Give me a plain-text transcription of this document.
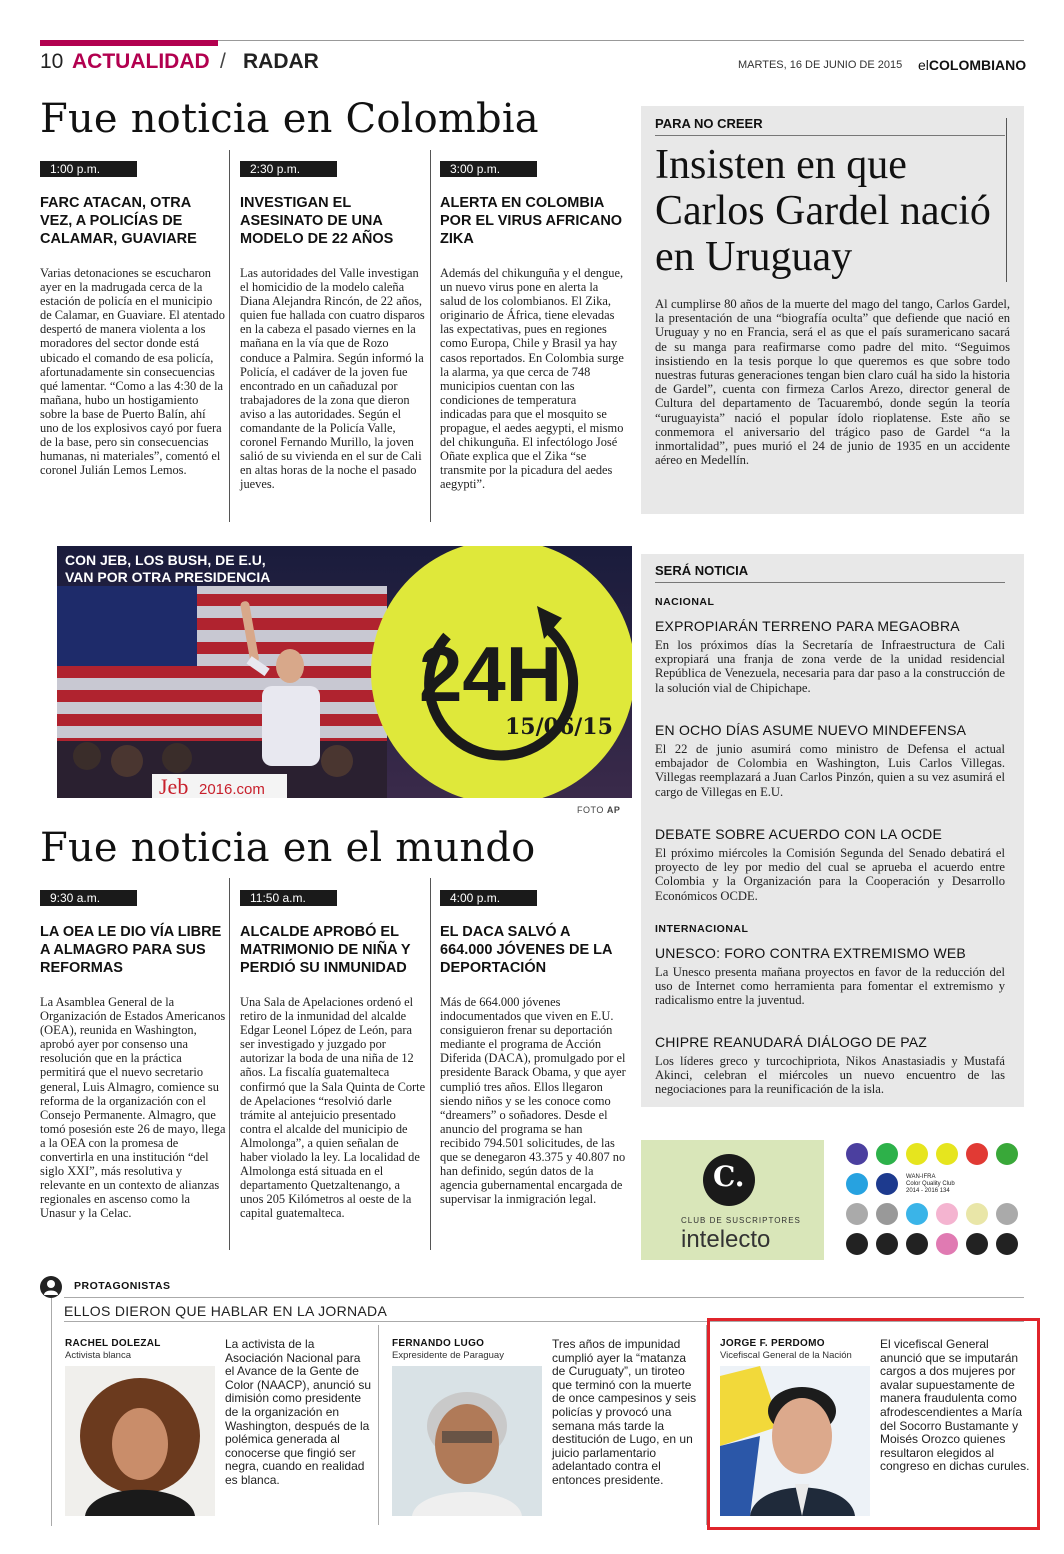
10 ACTUALIDAD / RADAR	MARTES, 16 DE JUNIO DE 2015 elCOLOMBIANO
Fue noticia en Colombia
1:00 p.m.
FARC ATACAN, OTRA VEZ, A POLICÍAS DE CALAMAR, GUAVIARE
Varias detonaciones se escucharon ayer en la madrugada cerca de la estación de policía en el municipio de Calamar, en Guaviare. El atentado despertó de manera violenta a los moradores del sector donde está ubicado el comando de esa policía, afortunadamente sin consecuencias qué lamentar. “Como a las 4:30 de la mañana, hubo un hostigamiento sobre la base de Puerto Balín, ahí uno de los explosivos cayó por fuera de la base, pero sin consecuencias humanas, ni materiales”, comentó el coronel Julián Lemos Lemos.
2:30 p.m.
INVESTIGAN EL ASESINATO DE UNA MODELO DE 22 AÑOS
Las autoridades del Valle investigan el homicidio de la modelo caleña Diana Alejandra Rincón, de 22 años, quien fue hallada con cuatro disparos en la cabeza el pasado viernes en la mañana en la vía que de Rozo conduce a Palmira. Según informó la Policía, el cadáver de la joven fue encontrado en un cañaduzal por trabajadores de la zona que dieron aviso a las autoridades. Según el comandante de la Policía Valle, coronel Fernando Murillo, la joven salió de su vivienda en el sur de Cali en altas horas de la noche el pasado jueves.
3:00 p.m.
ALERTA EN COLOMBIA POR EL VIRUS AFRICANO ZIKA
Además del chikunguña y el dengue, un nuevo virus pone en alerta la salud de los colombianos. El Zika, originario de África, tiene elevadas las expectativas, pues en regiones como Europa, Chile y Brasil ya hay casos reportados. En Colombia surge la alarma, ya que cerca de 748 municipios cuentan con las condiciones de temperatura indicadas para que el mosquito se propague, el aedes aegypti, el mismo del chikunguña. El infectólogo José Oñate explica que el Zika “se transmite por la picadura del aedes aegypti”.
PARA NO CREER
Insisten en que Carlos Gardel nació en Uruguay
Al cumplirse 80 años de la muerte del mago del tango, Carlos Gardel, la presentación de una “biografía oculta” que defiende que nació en Uruguay y no en Francia, será el as que el país suramericano sacará de su manga para reafirmarse como padre del mito. “Seguimos insistiendo en la tesis porque lo que queremos es que sobre todo nuestras futuras generaciones tengan bien claro cuál ha sido la historia de Gardel”, cuenta con firmeza Carlos Arezo, director general de Cultura del departamento de Tacuarembó, donde según la teoría “uruguayista” nació el popular ídolo rioplatense. Este año se conmemora el aniversario del trágico paso de Gardel “a la inmortalidad”, pues murió el 24 de junio de 1935 en un accidente aéreo en Medellín.
Jeb 2016.com
24H
15/06/15
CON JEB, LOS BUSH, DE E.U,
VAN POR OTRA PRESIDENCIA
FOTO AP
SERÁ NOTICIA
NACIONAL
EXPROPIARÁN TERRENO PARA MEGAOBRA
En los próximos días la Secretaría de Infraestructura de Cali expropiará una franja de zona verde de la unidad residencial República de Venezuela, necesaria para dar paso a la construcción de la solución vial de Chipichape.
EN OCHO DÍAS ASUME NUEVO MINDEFENSA
El 22 de junio asumirá como ministro de Defensa el actual embajador de Colombia en Washington, Luis Carlos Villegas. Villegas reemplazará a Juan Carlos Pinzón, quien a su vez asumirá el cargo de Villegas en E.U.
DEBATE SOBRE ACUERDO CON LA OCDE
El próximo miércoles la Comisión Segunda del Senado debatirá el proyecto de ley por medio del cual se aprueba el acuerdo entre Colombia y la Organización para la Cooperación y Desarrollo Económicos OCDE.
INTERNACIONAL
UNESCO: FORO CONTRA EXTREMISMO WEB
La Unesco presenta mañana proyectos en favor de la reducción del uso de Internet como herramienta para fomentar el extremismo y radicalismo entre la juventud.
CHIPRE REANUDARÁ DIÁLOGO DE PAZ
Los líderes greco y turcochipriota, Nikos Anastasiadis y Mustafá Akinci, celebran el miércoles un nuevo encuentro de las negociaciones para la reunificación de la isla.
Fue noticia en el mundo
9:30 a.m.
LA OEA LE DIO VÍA LIBRE A ALMAGRO PARA SUS REFORMAS
La Asamblea General de la Organización de Estados Americanos (OEA), reunida en Washington, aprobó ayer por consenso una resolución que en la práctica permitirá que el nuevo secretario general, Luis Almagro, comience su reforma de la organización con el Consejo Permanente. Almagro, que tomó posesión este 26 de mayo, llega a la OEA con la promesa de convertirla en una institución “del siglo XXI”, más resolutiva y relevante en un contexto de alianzas regionales en ascenso como la Unasur y la Celac.
11:50 a.m.
ALCALDE APROBÓ EL MATRIMONIO DE NIÑA Y PERDIÓ SU INMUNIDAD
Una Sala de Apelaciones ordenó el retiro de la inmunidad del alcalde Edgar Leonel López de León, para ser investigado y juzgado por autorizar la boda de una niña de 12 años. La fiscalía guatemalteca confirmó que la Sala Quinta de Corte de Apelaciones “resolvió darle trámite al antejuicio presentado contra el alcalde del municipio de Almolonga”, a quien señalan de haber violado la ley. La localidad de Almolonga está situada en el departamento Quetzaltenango, a unos 205 Kilómetros al oeste de la capital guatemalteca.
4:00 p.m.
EL DACA SALVÓ A 664.000 JÓVENES DE LA DEPORTACIÓN
Más de 664.000 jóvenes indocumentados que viven en E.U. consiguieron frenar su deportación mediante el programa de Acción Diferida (DACA), promulgado por el presidente Barack Obama, y que ayer cumplió tres años. Ellos llegaron siendo niños y se les conoce como “dreamers” o soñadores. Desde el anuncio del programa se han recibido 794.501 solicitudes, de las que se denegaron 43.375 y 40.807 no han definido, según datos de la agencia gubernamental encargada de supervisar la inmigración legal.
C.
CLUB DE SUSCRIPTORES
intelecto
WAN-IFRA
Color Quality Club
2014 - 2016 134
PROTAGONISTAS
ELLOS DIERON QUE HABLAR EN LA JORNADA
RACHEL DOLEZAL
Activista blanca
La activista de la Asociación Nacional para el Avance de la Gente de Color (NAACP), anunció su dimisión como presidente de la organización en Washington, después de la polémica generada al conocerse que fingió ser negra, cuando en realidad es blanca.
FERNANDO LUGO
Expresidente de Paraguay
Tres años de impunidad cumplió ayer la “matanza de Curuguaty”, un tiroteo que terminó con la muerte de once campesinos y seis policías y provocó una semana más tarde la destitución de Lugo, en un juicio parlamentario adelantado contra el entonces presidente.
JORGE F. PERDOMO
Vicefiscal General de la Nación
El vicefiscal General anunció que se imputarán cargos a dos mujeres por avalar supuestamente de manera fraudulenta como afrodescendientes a María del Socorro Bustamante y Moisés Orozco quienes resultaron elegidos al congreso en dichas curules.
